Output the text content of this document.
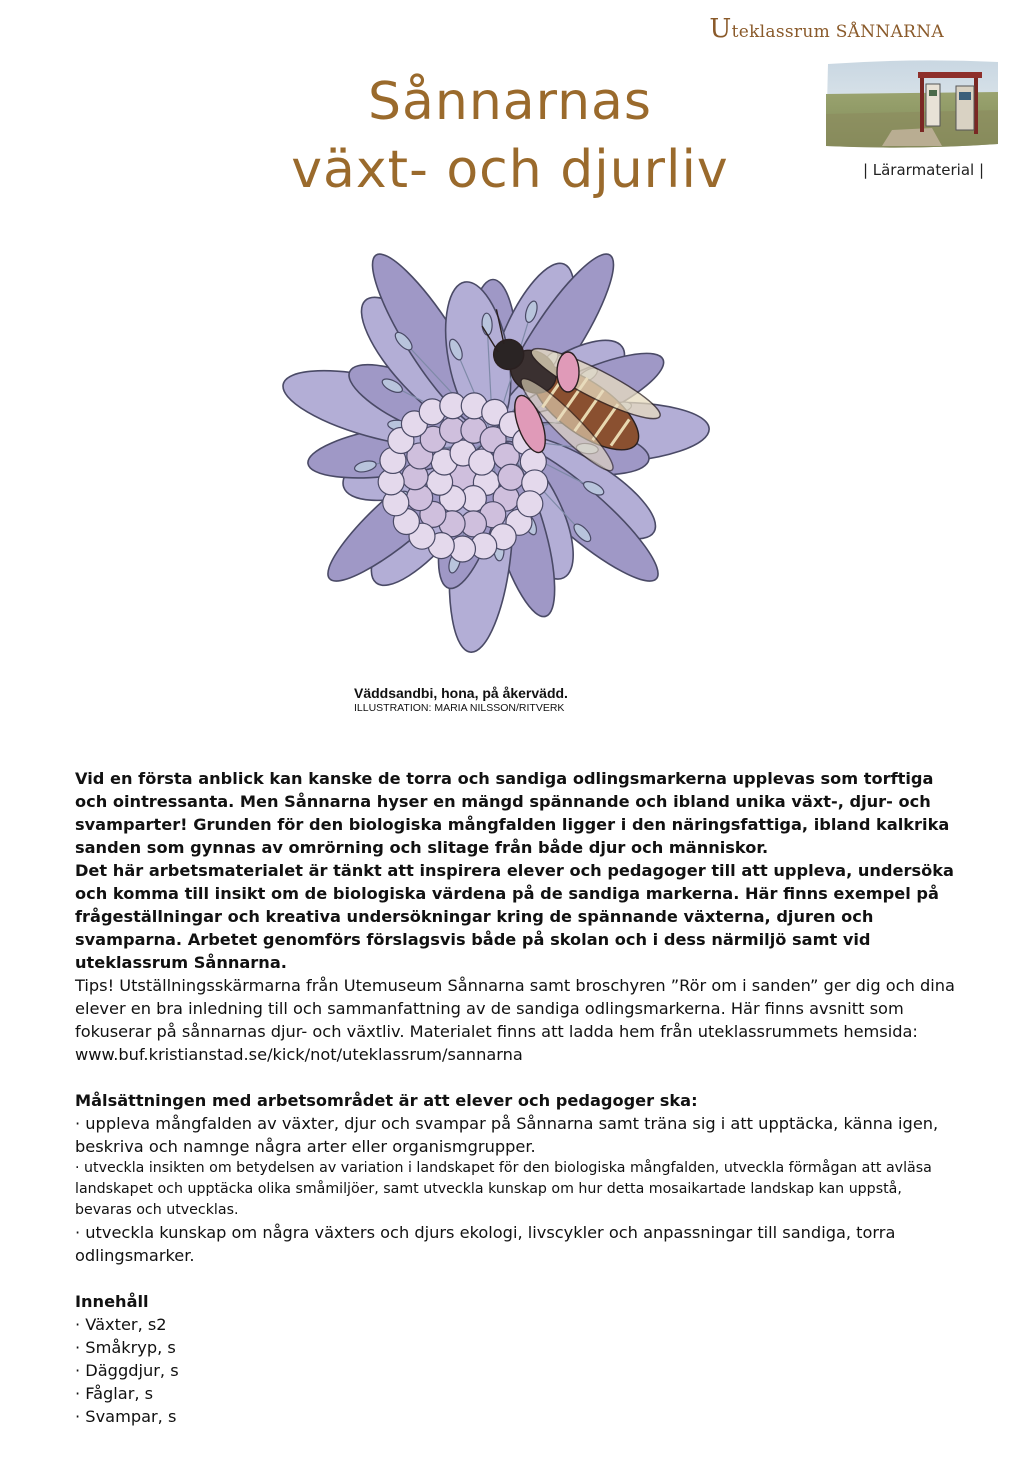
Uteklassrum SÅNNARNA
Sånnarnas
växt- och djurliv	| Lärarmaterial |
Väddsandbi, hona, på åkervädd.
ILLUSTRATION: MARIA NILSSON/RITVERK

Vid en första anblick kan kanske de torra och sandiga odlingsmarkerna upplevas som torftiga och ointressanta. Men Sånnarna hyser en mängd spännande och ibland unika växt-, djur- och svamparter! Grunden för den biologiska mångfalden ligger i den näringsfattiga, ibland kalkrika sanden som gynnas av omrörning och slitage från både djur och människor.

Det här arbetsmaterialet är tänkt att inspirera elever och pedagoger till att uppleva, undersöka och komma till insikt om de biologiska värdena på de sandiga markerna. Här finns exempel på frågeställningar och kreativa undersökningar kring de spännande växterna, djuren och svamparna. Arbetet genomförs förslagsvis både på skolan och i dess närmiljö samt vid uteklassrum Sånnarna.

Tips! Utställningsskärmarna från Utemuseum Sånnarna samt broschyren ”Rör om i sanden” ger dig och dina elever en bra inledning till och sammanfattning av de sandiga odlingsmarkerna. Här finns avsnitt som fokuserar på sånnarnas djur- och växtliv. Materialet finns att ladda hem från uteklassrummets hemsida: www.buf.kristianstad.se/kick/not/uteklassrum/sannarna

Målsättningen med arbetsområdet är att elever och pedagoger ska:

· uppleva mångfalden av växter, djur och svampar på Sånnarna samt träna sig i att upptäcka, känna igen, beskriva och namnge några arter eller organismgrupper.

· utveckla insikten om betydelsen av variation i landskapet för den biologiska mångfalden, utveckla förmågan att avläsa landskapet och upptäcka olika småmiljöer, samt utveckla kunskap om hur detta mosaikartade landskap kan uppstå, bevaras och utvecklas.

· utveckla kunskap om några växters och djurs ekologi, livscykler och anpassningar till sandiga, torra odlingsmarker.

Innehåll

· Växter, s2

· Småkryp, s

· Däggdjur, s

· Fåglar, s

· Svampar, s
